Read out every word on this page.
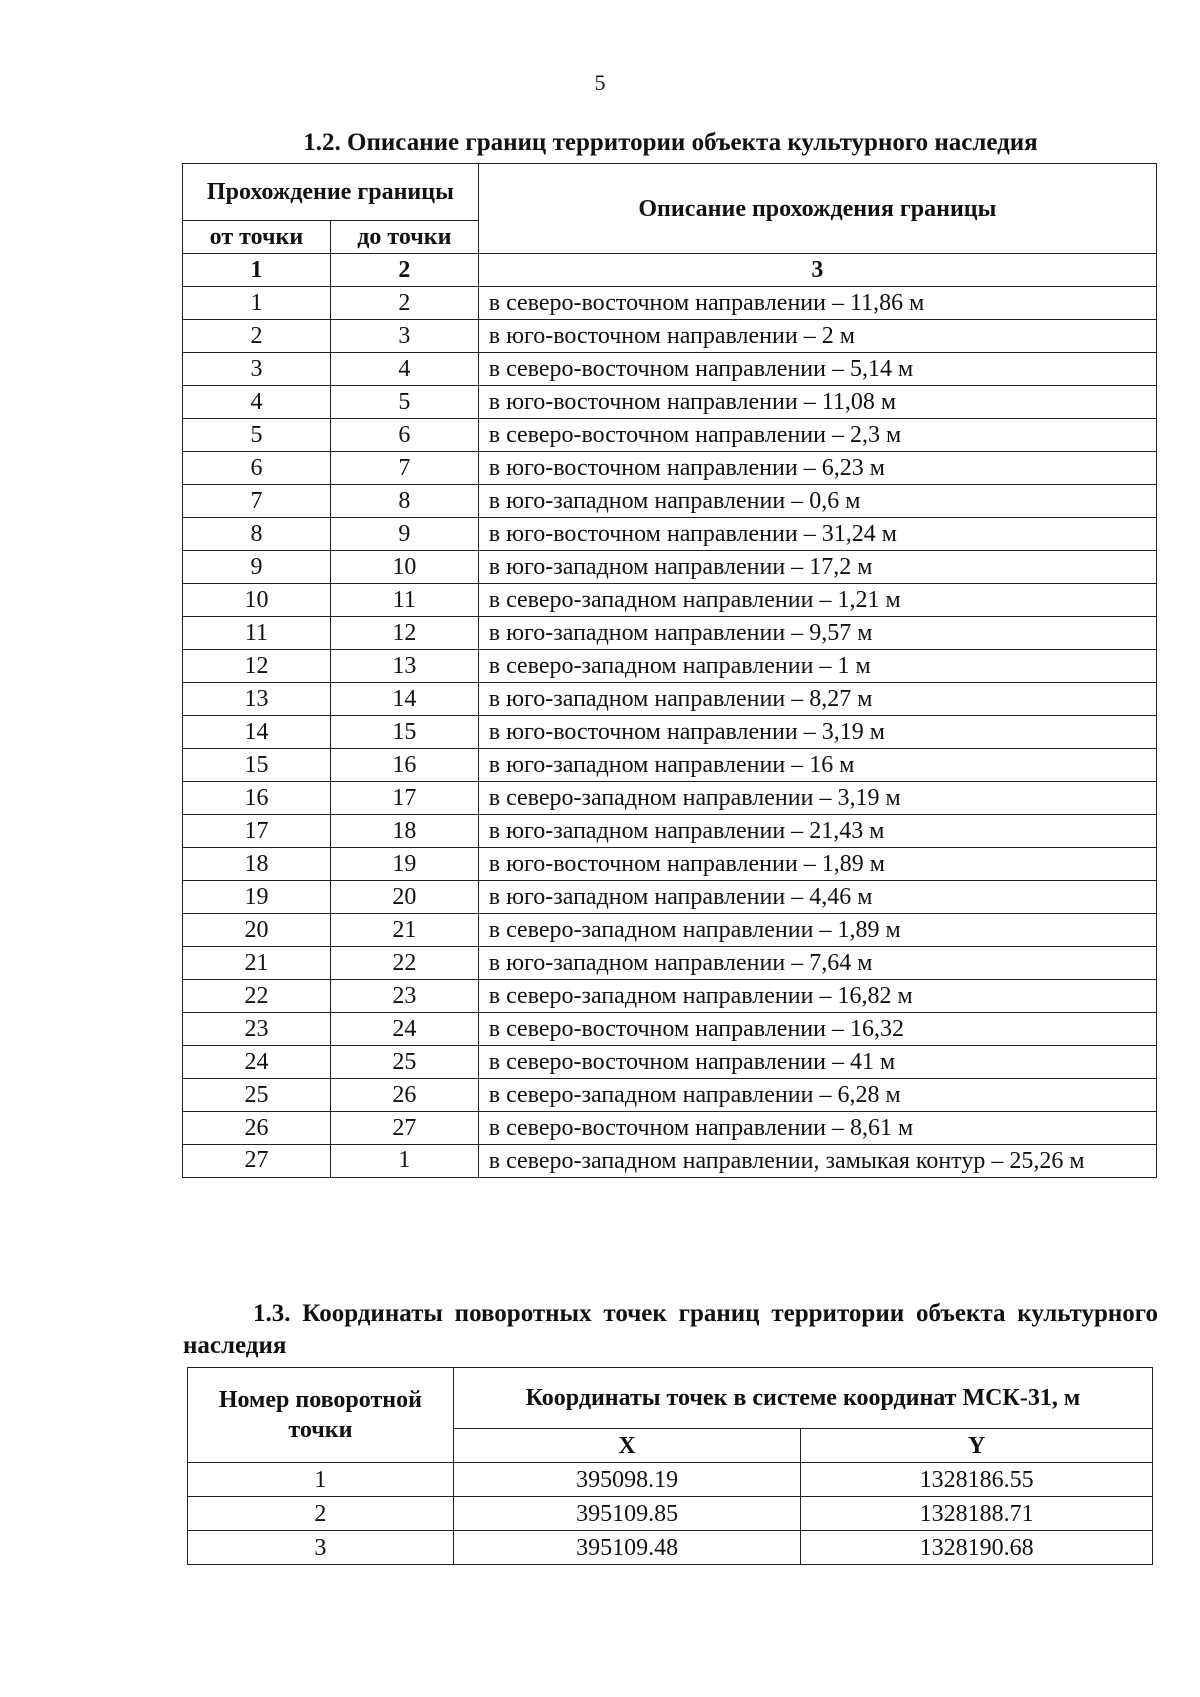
5
1.2. Описание границ территории объекта культурного наследия
Прохождение границы		Описание прохождения границы
от точки	до точки	
1	2	3
1	2	в северо-восточном направлении – 11,86 м
2	3	в юго-восточном направлении – 2 м
3	4	в северо-восточном направлении – 5,14 м
4	5	в юго-восточном направлении – 11,08 м
5	6	в северо-восточном направлении – 2,3 м
6	7	в юго-восточном направлении – 6,23 м
7	8	в юго-западном направлении – 0,6 м
8	9	в юго-восточном направлении – 31,24 м
9	10	в юго-западном направлении – 17,2 м
10	11	в северо-западном направлении – 1,21 м
11	12	в юго-западном направлении – 9,57 м
12	13	в северо-западном направлении – 1 м
13	14	в юго-западном направлении – 8,27 м
14	15	в юго-восточном направлении – 3,19 м
15	16	в юго-западном направлении – 16 м
16	17	в северо-западном направлении – 3,19 м
17	18	в юго-западном направлении – 21,43 м
18	19	в юго-восточном направлении – 1,89 м
19	20	в юго-западном направлении – 4,46 м
20	21	в северо-западном направлении – 1,89 м
21	22	в юго-западном направлении – 7,64 м
22	23	в северо-западном направлении – 16,82 м
23	24	в северо-восточном направлении – 16,32
24	25	в северо-восточном направлении – 41 м
25	26	в северо-западном направлении – 6,28 м
26	27	в северо-восточном направлении – 8,61 м
27	1	в северо-западном направлении, замыкая контур – 25,26 м
1.3. Координаты поворотных точек границ территории объекта культурного наследия
Номер поворотной точки	Координаты точек в системе координат МСК-31, м	
	X	Y
1	395098.19	1328186.55
2	395109.85	1328188.71
3	395109.48	1328190.68
